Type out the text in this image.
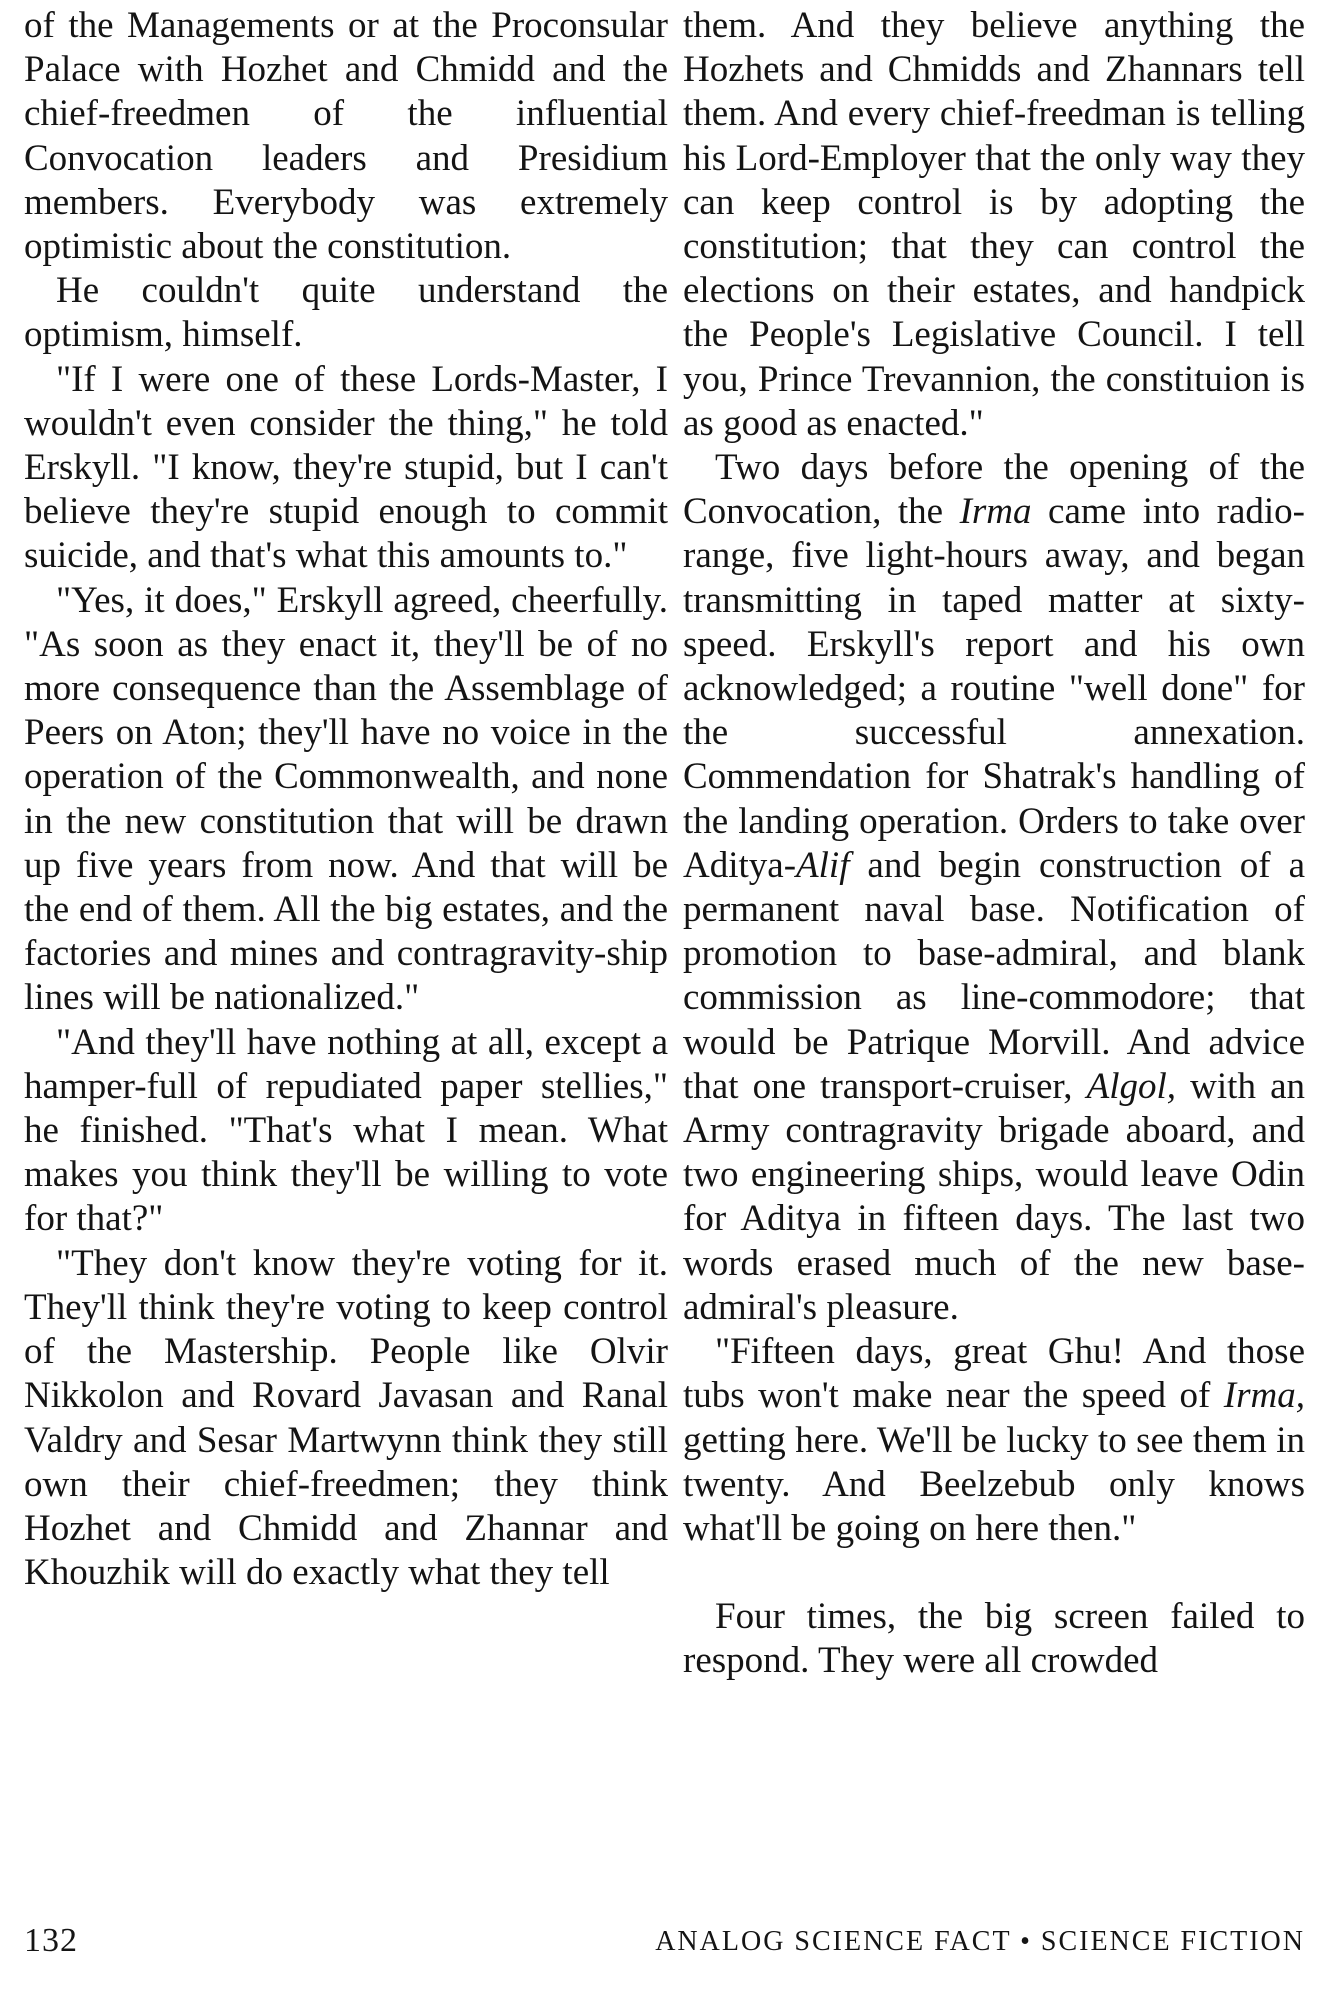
of the Managements or at the Proconsular Palace with Hozhet and Chmidd and the chief-freedmen of the influential Convocation leaders and Presidium members. Everybody was extremely optimistic about the constitution.

He couldn't quite understand the optimism, himself.

"If I were one of these Lords-Master, I wouldn't even consider the thing," he told Erskyll. "I know, they're stupid, but I can't believe they're stupid enough to commit suicide, and that's what this amounts to."

"Yes, it does," Erskyll agreed, cheerfully. "As soon as they enact it, they'll be of no more consequence than the Assemblage of Peers on Aton; they'll have no voice in the operation of the Commonwealth, and none in the new constitution that will be drawn up five years from now. And that will be the end of them. All the big estates, and the factories and mines and contragravity-ship lines will be nationalized."

"And they'll have nothing at all, except a hamper-full of repudiated paper stellies," he finished. "That's what I mean. What makes you think they'll be willing to vote for that?"

"They don't know they're voting for it. They'll think they're voting to keep control of the Mastership. People like Olvir Nikkolon and Rovard Javasan and Ranal Valdry and Sesar Martwynn think they still own their chief-freedmen; they think Hozhet and Chmidd and Zhannar and Khouzhik will do exactly what they tell

them. And they believe anything the Hozhets and Chmidds and Zhannars tell them. And every chief-freedman is telling his Lord-Employer that the only way they can keep control is by adopting the constitution; that they can control the elections on their estates, and handpick the People's Legislative Council. I tell you, Prince Trevannion, the constituion is as good as enacted."

Two days before the opening of the Convocation, the Irma came into radio-range, five light-hours away, and began transmitting in taped matter at sixty-speed. Erskyll's report and his own acknowledged; a routine "well done" for the successful annexation. Commendation for Shatrak's handling of the landing operation. Orders to take over Aditya-Alif and begin construction of a permanent naval base. Notification of promotion to base-admiral, and blank commission as line-commodore; that would be Patrique Morvill. And advice that one transport-cruiser, Algol, with an Army contragravity brigade aboard, and two engineering ships, would leave Odin for Aditya in fifteen days. The last two words erased much of the new base-admiral's pleasure.

"Fifteen days, great Ghu! And those tubs won't make near the speed of Irma, getting here. We'll be lucky to see them in twenty. And Beelzebub only knows what'll be going on here then."

Four times, the big screen failed to respond. They were all crowded

132	ANALOG SCIENCE FACT • SCIENCE FICTION
